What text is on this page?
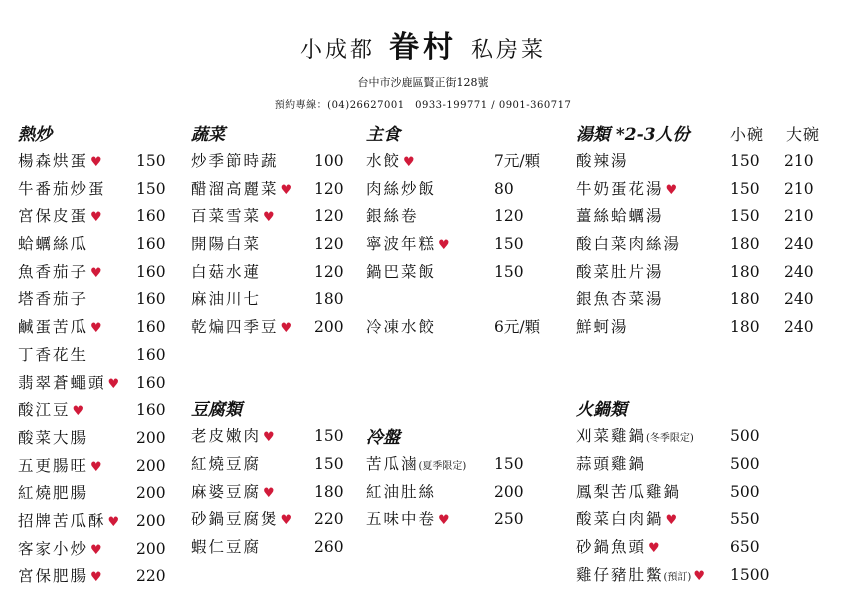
小成都 眷村 私房菜
台中市沙鹿區賢正街128號
預約專線：(04)26627001　0933-199771 / 0901-360717
熱炒
楊森烘蛋 ♥ 150
牛番茄炒蛋 150
宮保皮蛋 ♥ 160
蛤蠣絲瓜	160
魚香茄子 ♥ 160
塔香茄子	160
鹹蛋苦瓜 ♥ 160
丁香花生	160
翡翠蒼蠅頭 ♥ 160
酸江豆 ♥	160
酸菜大腸	200
五更腸旺 ♥ 200
紅燒肥腸	200
招牌苦瓜酥 ♥ 200
客家小炒 ♥ 200
宮保肥腸 ♥ 220
蔬菜
炒季節時蔬 100
醋溜高麗菜 ♥ 120
百菜雪菜 ♥	120
開陽白菜	120
白菇水蓮	120
麻油川七	180
乾煸四季豆 ♥ 200
豆腐類
老皮嫩肉 ♥	150
紅燒豆腐	150
麻婆豆腐 ♥	180
砂鍋豆腐煲 ♥ 220
蝦仁豆腐	260
主食
水餃 ♥	7元/顆
肉絲炒飯	80
銀絲卷	120
寧波年糕 ♥	150
鍋巴菜飯	150
冷凍水餃	6元/顆
冷盤
苦瓜滷(夏季限定) 150
紅油肚絲	200
五味中卷 ♥	250
湯類 *2-3人份	小碗 大碗
酸辣湯	150 210
牛奶蛋花湯 ♥	150 210
薑絲蛤蠣湯	150 210
酸白菜肉絲湯	180 240
酸菜肚片湯	180 240
銀魚杏菜湯	180 240
鮮蚵湯	180 240
火鍋類
刈菜雞鍋(冬季限定) 500
蒜頭雞鍋	500
鳳梨苦瓜雞鍋	500
酸菜白肉鍋 ♥	550
砂鍋魚頭 ♥	650
雞仔豬肚鱉(預訂) ♥ 1500
